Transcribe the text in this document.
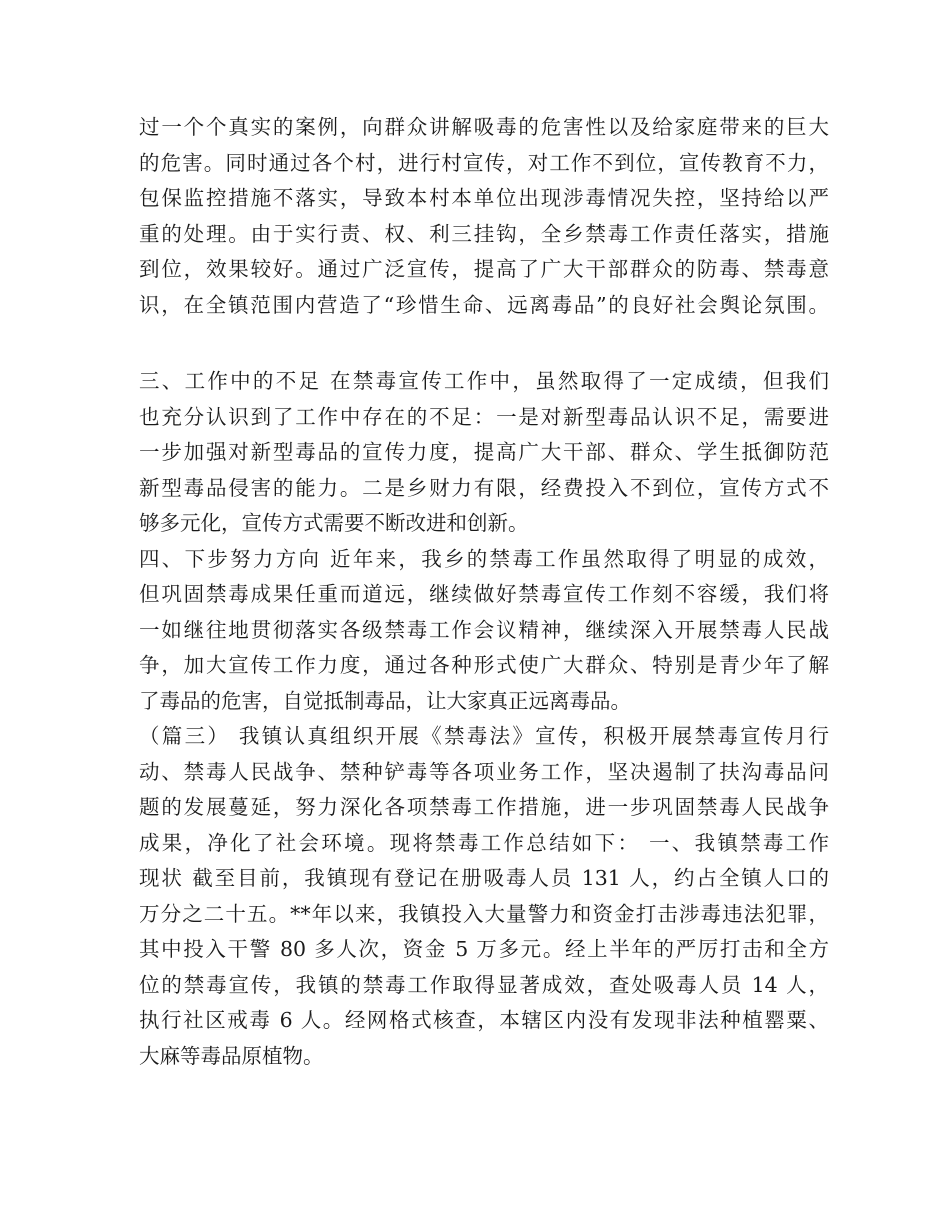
过一个个真实的案例，向群众讲解吸毒的危害性以及给家庭带来的巨大
的危害。同时通过各个村，进行村宣传，对工作不到位，宣传教育不力，
包保监控措施不落实，导致本村本单位出现涉毒情况失控，坚持给以严
重的处理。由于实行责、权、利三挂钩，全乡禁毒工作责任落实，措施
到位，效果较好。通过广泛宣传，提高了广大干部群众的防毒、禁毒意
识，在全镇范围内营造了“珍惜生命、远离毒品”的良好社会舆论氛围。
三、工作中的不足 在禁毒宣传工作中，虽然取得了一定成绩，但我们
也充分认识到了工作中存在的不足：一是对新型毒品认识不足，需要进
一步加强对新型毒品的宣传力度，提高广大干部、群众、学生抵御防范
新型毒品侵害的能力。二是乡财力有限，经费投入不到位，宣传方式不
够多元化，宣传方式需要不断改进和创新。
四、下步努力方向 近年来，我乡的禁毒工作虽然取得了明显的成效，
但巩固禁毒成果任重而道远，继续做好禁毒宣传工作刻不容缓，我们将
一如继往地贯彻落实各级禁毒工作会议精神，继续深入开展禁毒人民战
争，加大宣传工作力度，通过各种形式使广大群众、特别是青少年了解
了毒品的危害，自觉抵制毒品，让大家真正远离毒品。
（篇三） 我镇认真组织开展《禁毒法》宣传，积极开展禁毒宣传月行
动、禁毒人民战争、禁种铲毒等各项业务工作，坚决遏制了扶沟毒品问
题的发展蔓延，努力深化各项禁毒工作措施，进一步巩固禁毒人民战争
成果，净化了社会环境。现将禁毒工作总结如下： 一、我镇禁毒工作
现状 截至目前，我镇现有登记在册吸毒人员 131 人，约占全镇人口的
万分之二十五。**年以来，我镇投入大量警力和资金打击涉毒违法犯罪，
其中投入干警 80 多人次，资金 5 万多元。经上半年的严厉打击和全方
位的禁毒宣传，我镇的禁毒工作取得显著成效，查处吸毒人员 14 人，
执行社区戒毒 6 人。经网格式核查，本辖区内没有发现非法种植罂粟、
大麻等毒品原植物。
